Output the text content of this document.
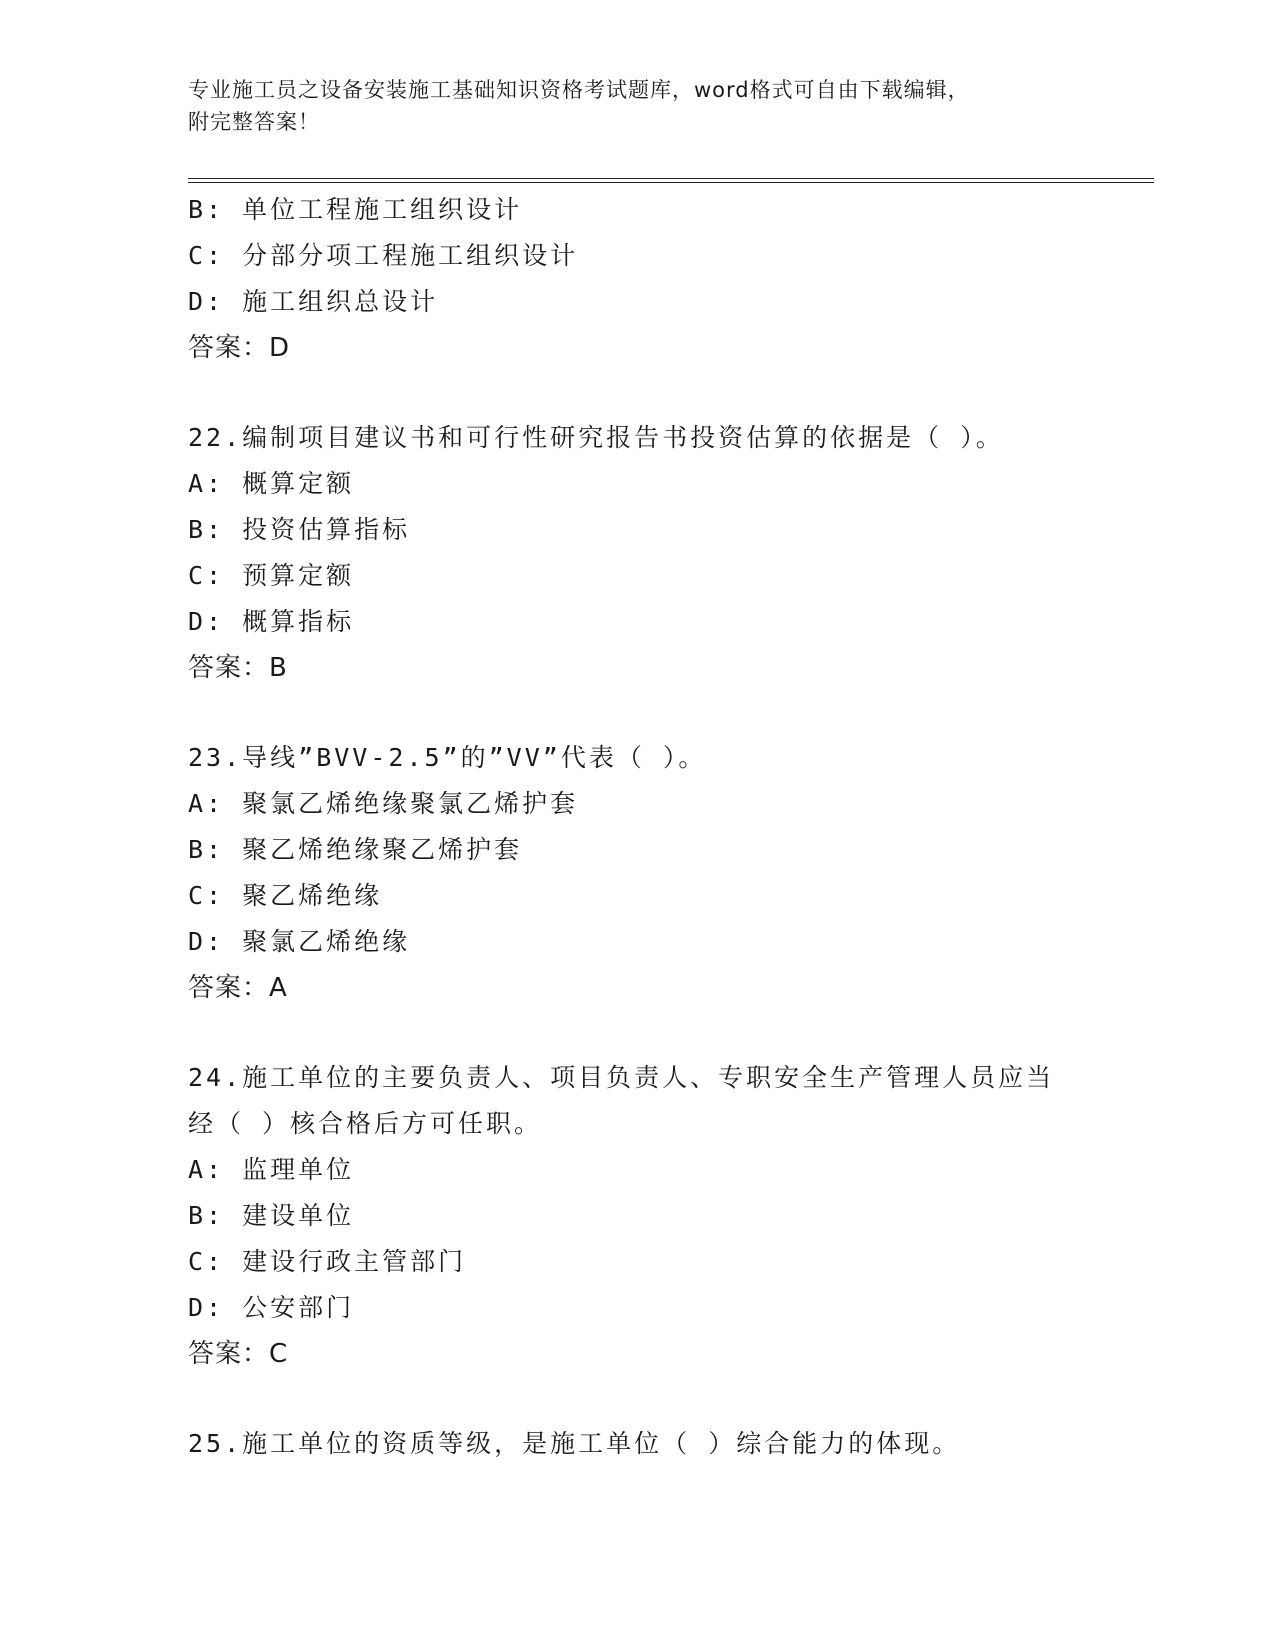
专业施工员之设备安装施工基础知识资格考试题库，word格式可自由下载编辑，
附完整答案！
B: 单位工程施工组织设计
C: 分部分项工程施工组织设计
D: 施工组织总设计
答案：D
22.编制项目建议书和可行性研究报告书投资估算的依据是（ ）。
A: 概算定额
B: 投资估算指标
C: 预算定额
D: 概算指标
答案：B
23.导线”BVV-2.5”的”VV”代表（ ）。
A: 聚氯乙烯绝缘聚氯乙烯护套
B: 聚乙烯绝缘聚乙烯护套
C: 聚乙烯绝缘
D: 聚氯乙烯绝缘
答案：A
24.施工单位的主要负责人、项目负责人、专职安全生产管理人员应当
经（ ）核合格后方可任职。
A: 监理单位
B: 建设单位
C: 建设行政主管部门
D: 公安部门
答案：C
25.施工单位的资质等级，是施工单位（ ）综合能力的体现。
